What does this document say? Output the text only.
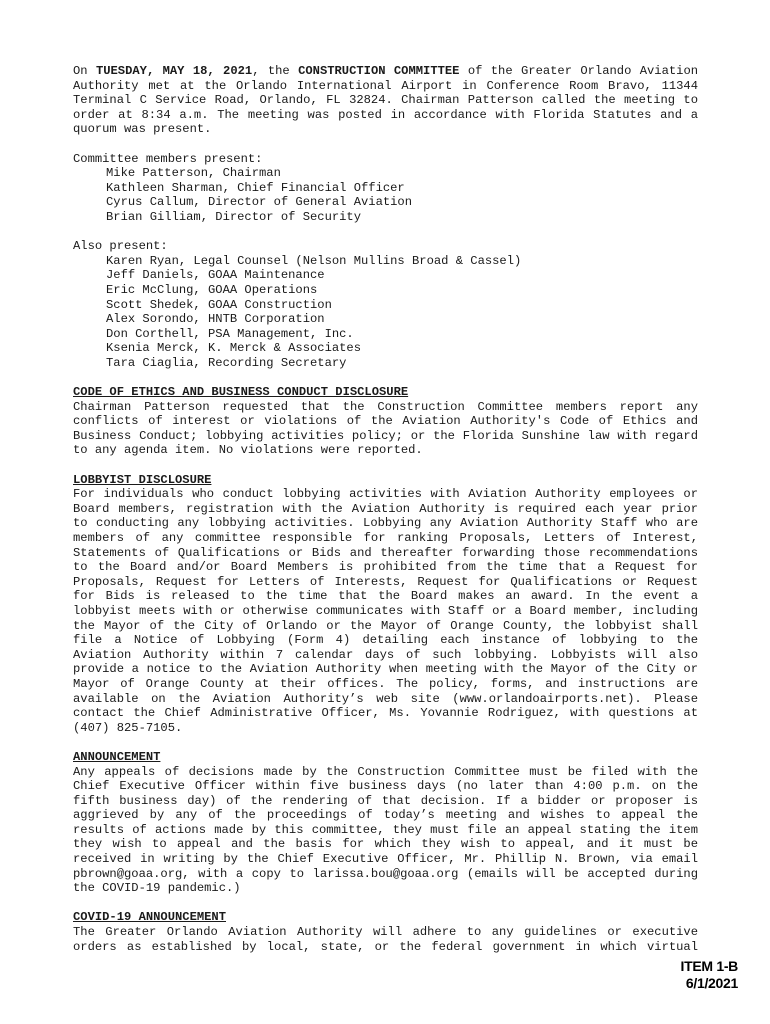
On TUESDAY, MAY 18, 2021, the CONSTRUCTION COMMITTEE of the Greater Orlando Aviation Authority met at the Orlando International Airport in Conference Room Bravo, 11344 Terminal C Service Road, Orlando, FL 32824. Chairman Patterson called the meeting to order at 8:34 a.m. The meeting was posted in accordance with Florida Statutes and a quorum was present.

Committee members present:
Mike Patterson, Chairman
Kathleen Sharman, Chief Financial Officer
Cyrus Callum, Director of General Aviation
Brian Gilliam, Director of Security
Also present:
Karen Ryan, Legal Counsel (Nelson Mullins Broad & Cassel)
Jeff Daniels, GOAA Maintenance
Eric McClung, GOAA Operations
Scott Shedek, GOAA Construction
Alex Sorondo, HNTB Corporation
Don Corthell, PSA Management, Inc.
Ksenia Merck, K. Merck & Associates
Tara Ciaglia, Recording Secretary
CODE OF ETHICS AND BUSINESS CONDUCT DISCLOSURE

Chairman Patterson requested that the Construction Committee members report any conflicts of interest or violations of the Aviation Authority's Code of Ethics and Business Conduct; lobbying activities policy; or the Florida Sunshine law with regard to any agenda item. No violations were reported.

LOBBYIST DISCLOSURE

For individuals who conduct lobbying activities with Aviation Authority employees or Board members, registration with the Aviation Authority is required each year prior to conducting any lobbying activities. Lobbying any Aviation Authority Staff who are members of any committee responsible for ranking Proposals, Letters of Interest, Statements of Qualifications or Bids and thereafter forwarding those recommendations to the Board and/or Board Members is prohibited from the time that a Request for Proposals, Request for Letters of Interests, Request for Qualifications or Request for Bids is released to the time that the Board makes an award. In the event a lobbyist meets with or otherwise communicates with Staff or a Board member, including the Mayor of the City of Orlando or the Mayor of Orange County, the lobbyist shall file a Notice of Lobbying (Form 4) detailing each instance of lobbying to the Aviation Authority within 7 calendar days of such lobbying. Lobbyists will also provide a notice to the Aviation Authority when meeting with the Mayor of the City or Mayor of Orange County at their offices. The policy, forms, and instructions are available on the Aviation Authority’s web site (www.orlandoairports.net). Please contact the Chief Administrative Officer, Ms. Yovannie Rodriguez, with questions at (407) 825-7105.

ANNOUNCEMENT

Any appeals of decisions made by the Construction Committee must be filed with the Chief Executive Officer within five business days (no later than 4:00 p.m. on the fifth business day) of the rendering of that decision. If a bidder or proposer is aggrieved by any of the proceedings of today’s meeting and wishes to appeal the results of actions made by this committee, they must file an appeal stating the item they wish to appeal and the basis for which they wish to appeal, and it must be received in writing by the Chief Executive Officer, Mr. Phillip N. Brown, via email pbrown@goaa.org, with a copy to larissa.bou@goaa.org (emails will be accepted during the COVID-19 pandemic.)

COVID-19 ANNOUNCEMENT

The Greater Orlando Aviation Authority will adhere to any guidelines or executive orders as established by local, state, or the federal government in which virtual

ITEM 1-B
6/1/2021
